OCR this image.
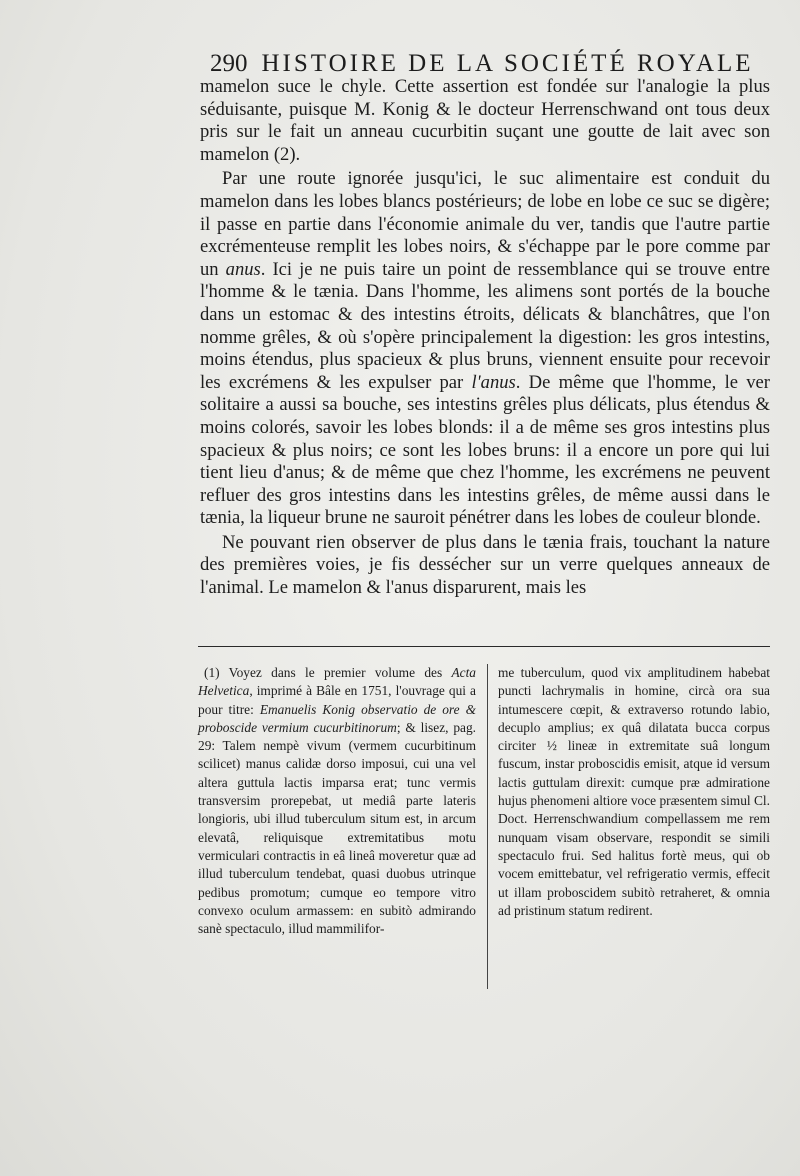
290 HISTOIRE DE LA SOCIÉTÉ ROYALE

mamelon suce le chyle. Cette assertion est fondée sur l'analogie la plus séduisante, puisque M. Konig & le docteur Herrenschwand ont tous deux pris sur le fait un anneau cucurbitin suçant une goutte de lait avec son mamelon (2).

Par une route ignorée jusqu'ici, le suc alimentaire est conduit du mamelon dans les lobes blancs postérieurs; de lobe en lobe ce suc se digère; il passe en partie dans l'économie animale du ver, tandis que l'autre partie excrémenteuse remplit les lobes noirs, & s'échappe par le pore comme par un anus. Ici je ne puis taire un point de ressemblance qui se trouve entre l'homme & le tænia. Dans l'homme, les alimens sont portés de la bouche dans un estomac & des intestins étroits, délicats & blanchâtres, que l'on nomme grêles, & où s'opère principalement la digestion: les gros intestins, moins étendus, plus spacieux & plus bruns, viennent ensuite pour recevoir les excrémens & les expulser par l'anus. De même que l'homme, le ver solitaire a aussi sa bouche, ses intestins grêles plus délicats, plus étendus & moins colorés, savoir les lobes blonds: il a de même ses gros intestins plus spacieux & plus noirs; ce sont les lobes bruns: il a encore un pore qui lui tient lieu d'anus; & de même que chez l'homme, les excrémens ne peuvent refluer des gros intestins dans les intestins grêles, de même aussi dans le tænia, la liqueur brune ne sauroit pénétrer dans les lobes de couleur blonde.

Ne pouvant rien observer de plus dans le tænia frais, touchant la nature des premières voies, je fis dessécher sur un verre quelques anneaux de l'animal. Le mamelon & l'anus disparurent, mais les

(1) Voyez dans le premier volume des Acta Helvetica, imprimé à Bâle en 1751, l'ouvrage qui a pour titre: Emanuelis Konig observatio de ore & proboscide vermium cucurbitinorum; & lisez, pag. 29: Talem nempè vivum (vermem cucurbitinum scilicet) manus calidæ dorso imposui, cui una vel altera guttula lactis imparsa erat; tunc vermis transversim prorepebat, ut mediâ parte lateris longioris, ubi illud tuberculum situm est, in arcum elevatâ, reliquisque extremitatibus motu vermiculari contractis in eâ lineâ moveretur quæ ad illud tuberculum tendebat, quasi duobus utrinque pedibus promotum; cumque eo tempore vitro convexo oculum armassem: en subitò admirando sanè spectaculo, illud mammilifor-

me tuberculum, quod vix amplitudinem habebat puncti lachrymalis in homine, circà ora sua intumescere cœpit, & extraverso rotundo labio, decuplo amplius; ex quâ dilatata bucca corpus circiter ½ lineæ in extremitate suâ longum fuscum, instar proboscidis emisit, atque id versum lactis guttulam direxit: cumque præ admiratione hujus phenomeni altiore voce præsentem simul Cl. Doct. Herrenschwandium compellassem me rem nunquam visam observare, respondit se simili spectaculo frui. Sed halitus fortè meus, qui ob vocem emittebatur, vel refrigeratio vermis, effecit ut illam proboscidem subitò retraheret, & omnia ad pristinum statum redirent.
